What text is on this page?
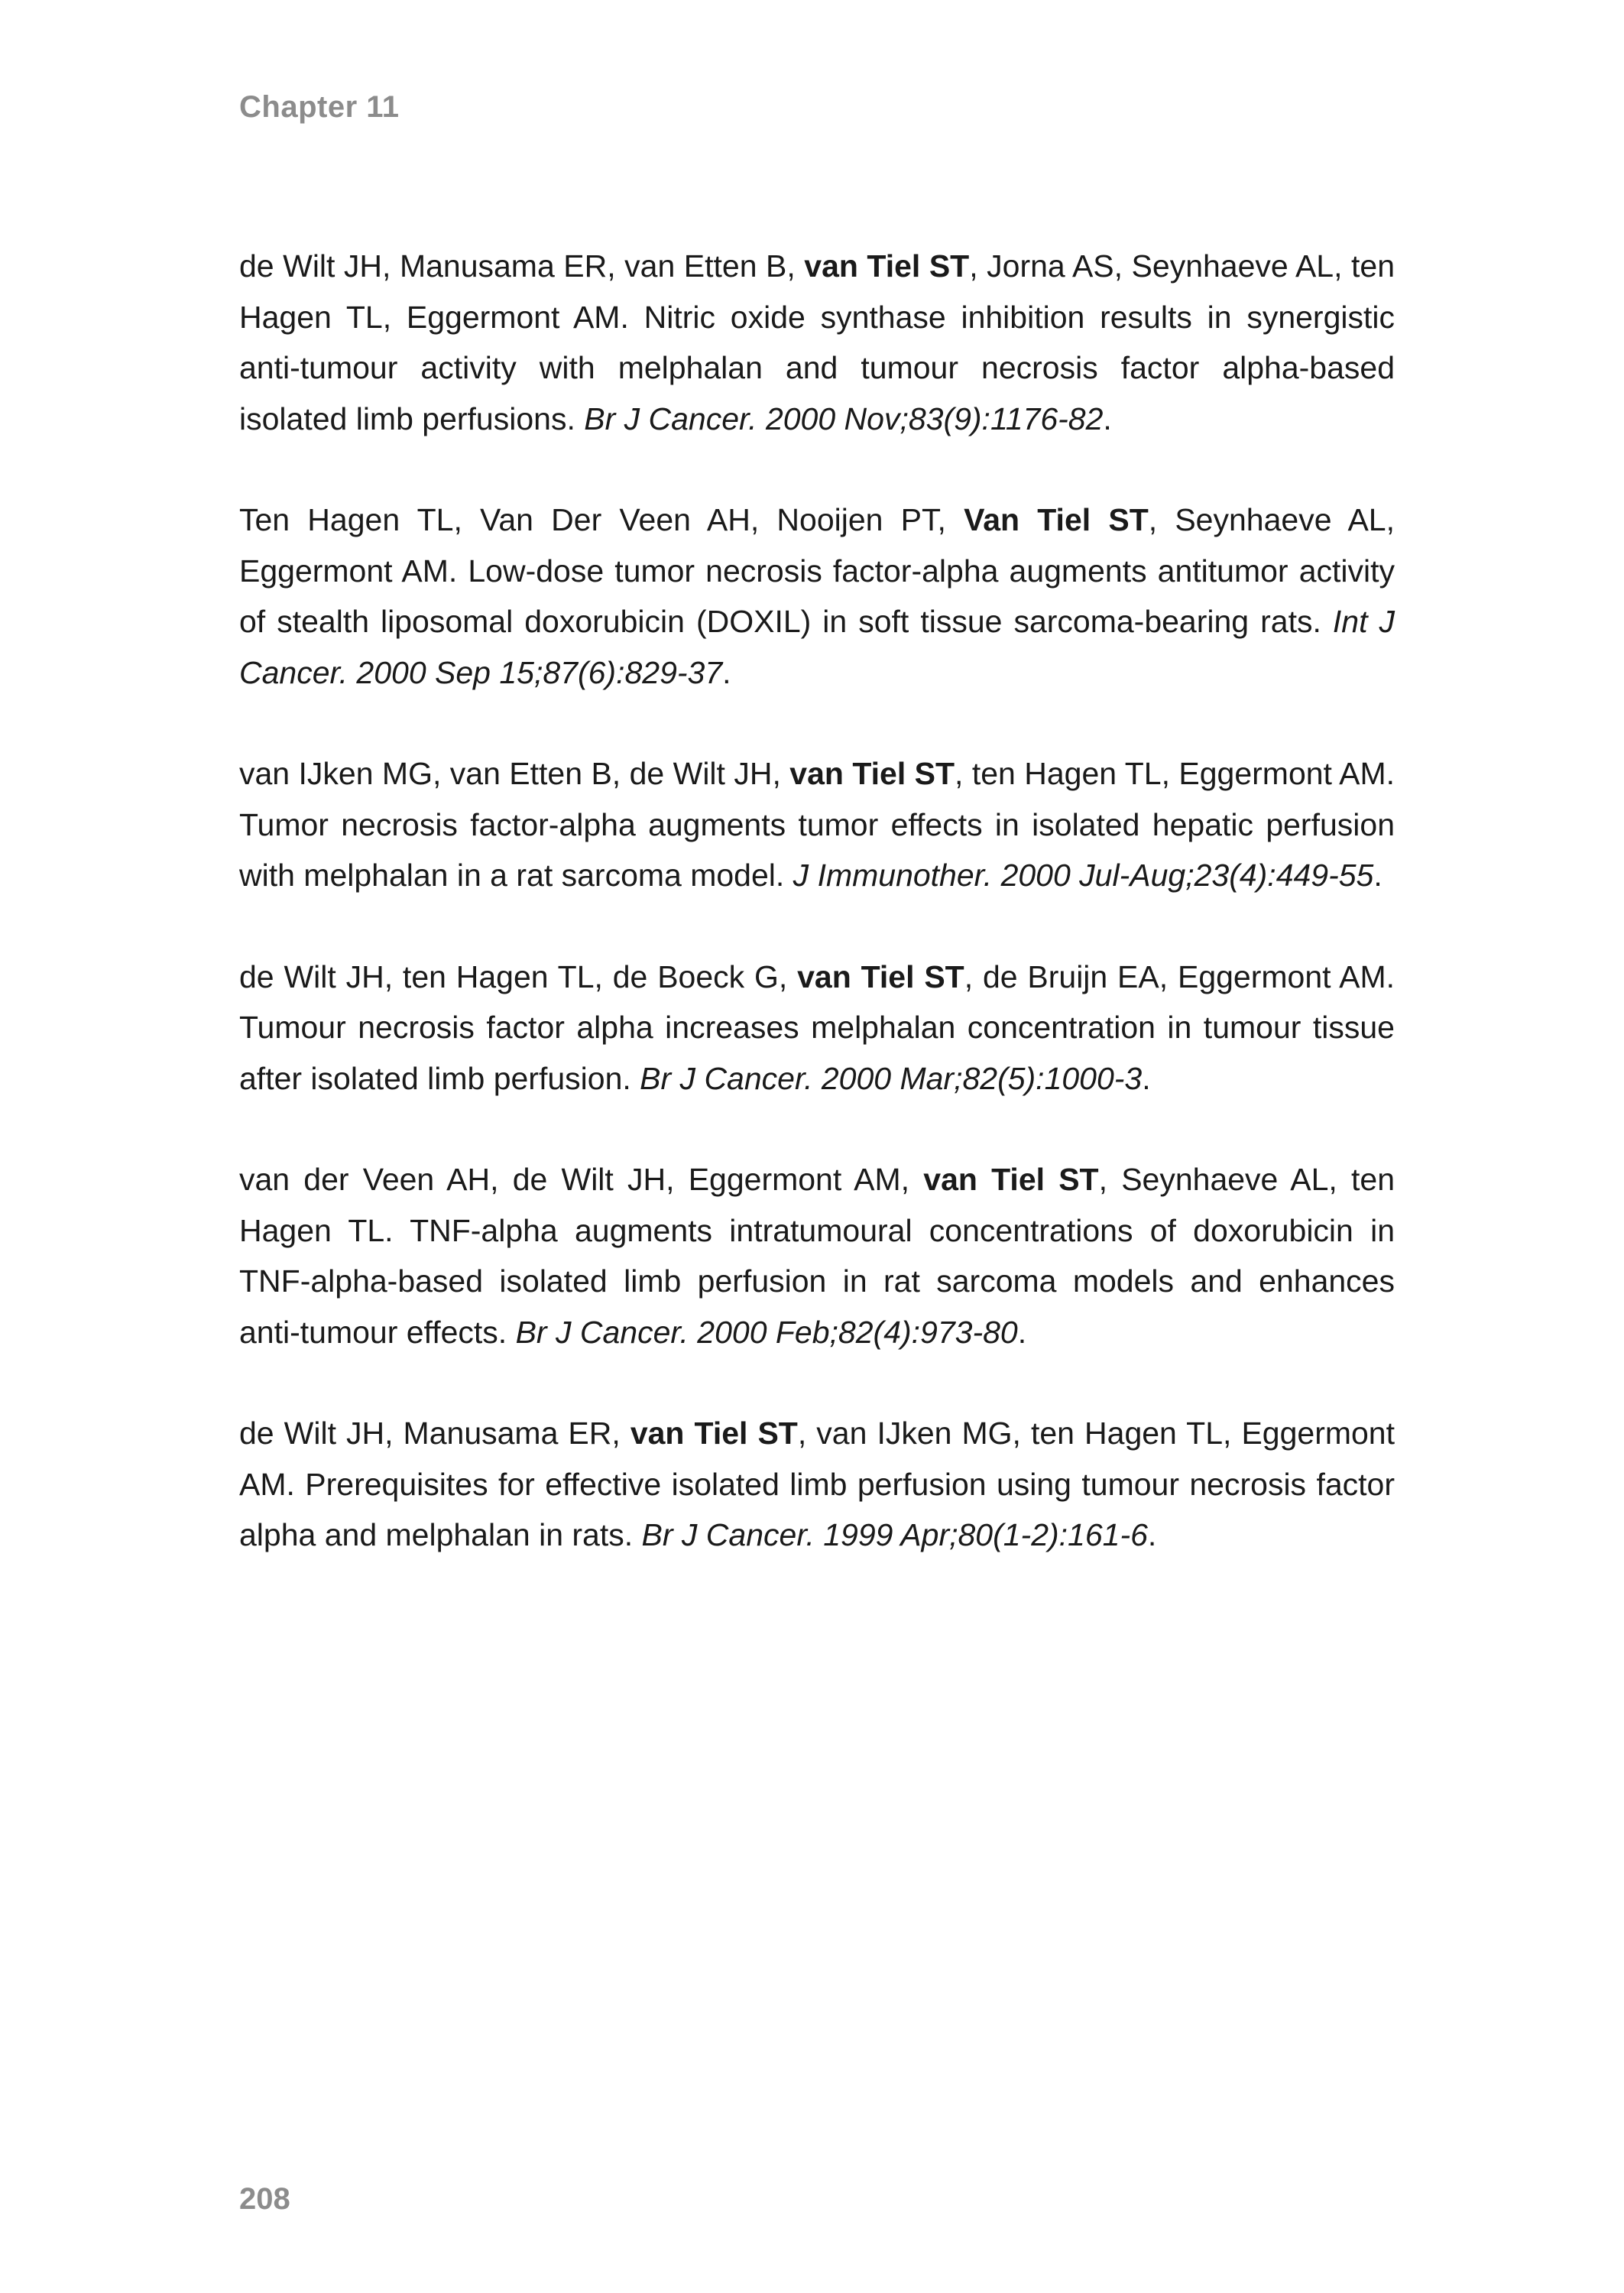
Chapter 11

de Wilt JH, Manusama ER, van Etten B, van Tiel ST, Jorna AS, Seynhaeve AL, ten Hagen TL, Eggermont AM. Nitric oxide synthase inhibition results in synergistic anti-tumour activity with melphalan and tumour necrosis factor alpha-based isolated limb perfusions. Br J Cancer. 2000 Nov;83(9):1176-82.

Ten Hagen TL, Van Der Veen AH, Nooijen PT, Van Tiel ST, Seynhaeve AL, Eggermont AM. Low-dose tumor necrosis factor-alpha augments antitumor activity of stealth liposomal doxorubicin (DOXIL) in soft tissue sarcoma-bearing rats. Int J Cancer. 2000 Sep 15;87(6):829-37.

van IJken MG, van Etten B, de Wilt JH, van Tiel ST, ten Hagen TL, Eggermont AM. Tumor necrosis factor-alpha augments tumor effects in isolated hepatic perfusion with melphalan in a rat sarcoma model. J Immunother. 2000 Jul-Aug;23(4):449-55.

de Wilt JH, ten Hagen TL, de Boeck G, van Tiel ST, de Bruijn EA, Eggermont AM. Tumour necrosis factor alpha increases melphalan concentration in tumour tissue after isolated limb perfusion. Br J Cancer. 2000 Mar;82(5):1000-3.

van der Veen AH, de Wilt JH, Eggermont AM, van Tiel ST, Seynhaeve AL, ten Hagen TL. TNF-alpha augments intratumoural concentrations of doxorubicin in TNF-alpha-based isolated limb perfusion in rat sarcoma models and enhances anti-tumour effects. Br J Cancer. 2000 Feb;82(4):973-80.

de Wilt JH, Manusama ER, van Tiel ST, van IJken MG, ten Hagen TL, Eggermont AM. Prerequisites for effective isolated limb perfusion using tumour necrosis factor alpha and melphalan in rats. Br J Cancer. 1999 Apr;80(1-2):161-6.

208
